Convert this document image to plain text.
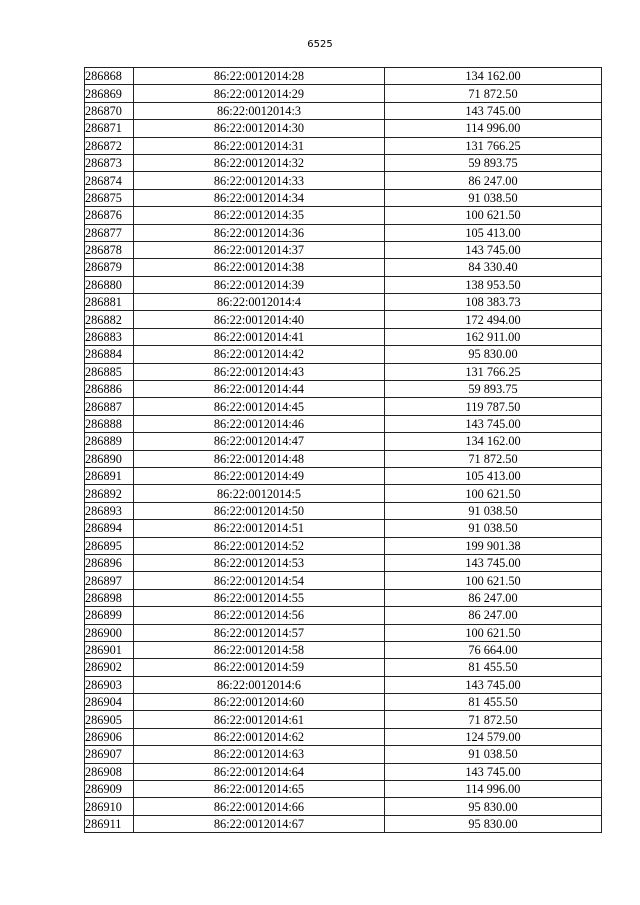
6525
286868	86:22:0012014:28	134 162.00
286869	86:22:0012014:29	71 872.50
286870	86:22:0012014:3	143 745.00
286871	86:22:0012014:30	114 996.00
286872	86:22:0012014:31	131 766.25
286873	86:22:0012014:32	59 893.75
286874	86:22:0012014:33	86 247.00
286875	86:22:0012014:34	91 038.50
286876	86:22:0012014:35	100 621.50
286877	86:22:0012014:36	105 413.00
286878	86:22:0012014:37	143 745.00
286879	86:22:0012014:38	84 330.40
286880	86:22:0012014:39	138 953.50
286881	86:22:0012014:4	108 383.73
286882	86:22:0012014:40	172 494.00
286883	86:22:0012014:41	162 911.00
286884	86:22:0012014:42	95 830.00
286885	86:22:0012014:43	131 766.25
286886	86:22:0012014:44	59 893.75
286887	86:22:0012014:45	119 787.50
286888	86:22:0012014:46	143 745.00
286889	86:22:0012014:47	134 162.00
286890	86:22:0012014:48	71 872.50
286891	86:22:0012014:49	105 413.00
286892	86:22:0012014:5	100 621.50
286893	86:22:0012014:50	91 038.50
286894	86:22:0012014:51	91 038.50
286895	86:22:0012014:52	199 901.38
286896	86:22:0012014:53	143 745.00
286897	86:22:0012014:54	100 621.50
286898	86:22:0012014:55	86 247.00
286899	86:22:0012014:56	86 247.00
286900	86:22:0012014:57	100 621.50
286901	86:22:0012014:58	76 664.00
286902	86:22:0012014:59	81 455.50
286903	86:22:0012014:6	143 745.00
286904	86:22:0012014:60	81 455.50
286905	86:22:0012014:61	71 872.50
286906	86:22:0012014:62	124 579.00
286907	86:22:0012014:63	91 038.50
286908	86:22:0012014:64	143 745.00
286909	86:22:0012014:65	114 996.00
286910	86:22:0012014:66	95 830.00
286911	86:22:0012014:67	95 830.00
